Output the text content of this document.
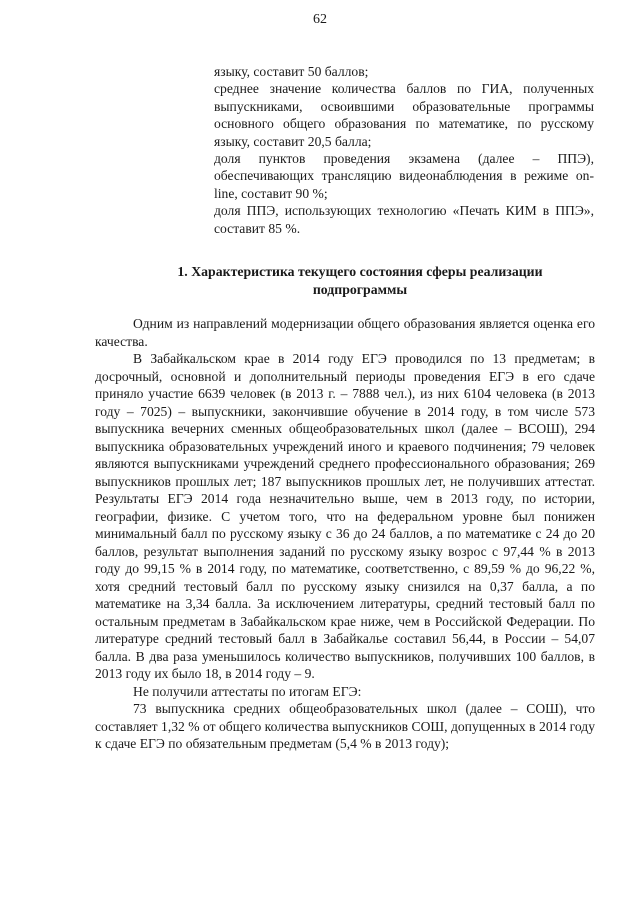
62

языку, составит 50 баллов;

среднее значение количества баллов по ГИА, полученных выпускниками, освоившими образовательные программы основного общего образования по математике, по русскому языку, составит 20,5 балла;

доля пунктов проведения экзамена (далее – ППЭ), обеспечивающих трансляцию видеонаблюдения в режиме on-line, составит 90 %;

доля ППЭ, использующих технологию «Печать КИМ в ППЭ», составит 85 %.

1. Характеристика текущего состояния сферы реализации подпрограммы

Одним из направлений модернизации общего образования является оценка его качества.

В Забайкальском крае в 2014 году ЕГЭ проводился по 13 предметам; в досрочный, основной и дополнительный периоды проведения ЕГЭ в его сдаче приняло участие 6639 человек (в 2013 г. – 7888 чел.), из них 6104 человека (в 2013 году – 7025) – выпускники, закончившие обучение в 2014 году, в том числе 573 выпускника вечерних сменных общеобразовательных школ (далее – ВСОШ), 294 выпускника образовательных учреждений иного и краевого подчинения; 79 человек являются выпускниками учреждений среднего профессионального образования; 269 выпускников прошлых лет; 187 выпускников прошлых лет, не получивших аттестат. Результаты ЕГЭ 2014 года незначительно выше, чем в 2013 году, по истории, географии, физике. С учетом того, что на федеральном уровне был понижен минимальный балл по русскому языку с 36 до 24 баллов, а по математике с 24 до 20 баллов, результат выполнения заданий по русскому языку возрос с 97,44 % в 2013 году до 99,15 % в 2014 году, по математике, соответственно, с 89,59 % до 96,22 %, хотя средний тестовый балл по русскому языку снизился на 0,37 балла, а по математике на 3,34 балла. За исключением литературы, средний тестовый балл по остальным предметам в Забайкальском крае ниже, чем в Российской Федерации. По литературе средний тестовый балл в Забайкалье составил 56,44, в России – 54,07 балла. В два раза уменьшилось количество выпускников, получивших 100 баллов, в 2013 году их было 18, в 2014 году – 9.

Не получили аттестаты по итогам ЕГЭ:

73 выпускника средних общеобразовательных школ (далее – СОШ), что составляет 1,32 % от общего количества выпускников СОШ, допущенных в 2014 году к сдаче ЕГЭ по обязательным предметам (5,4 % в 2013 году);
